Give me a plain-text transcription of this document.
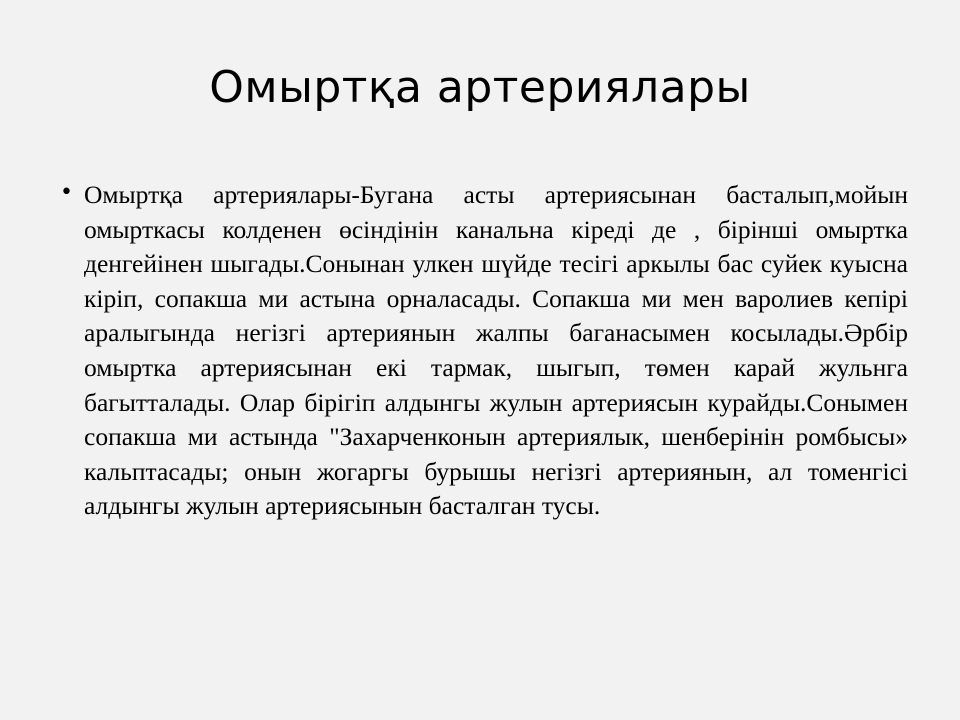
Омыртқа артериялары
• Омыртқа артериялары-Бугана асты артериясынан басталып,мойын омырткасы колденен өсіндінін канальна кіреді де , бірінші омыртка денгейінен шыгады.Сонынан улкен шүйде тесігі аркылы бас суйек куысна кіріп, сопакша ми астына орналасады. Сопакша ми мен варолиев кепірі аралыгында негізгі артериянын жалпы баганасымен косылады.Әрбір омыртка артериясынан екі тармак, шыгып, төмен карай жульнга багытталады. Олар бірігіп алдынгы жулын артериясын курайды.Сонымен сопакша ми астында "Захарченконын артериялык, шенберінін ромбысы» кальптасады; онын жогаргы бурышы негізгі артериянын, ал томенгісі алдынгы жулын артериясынын басталган тусы.
